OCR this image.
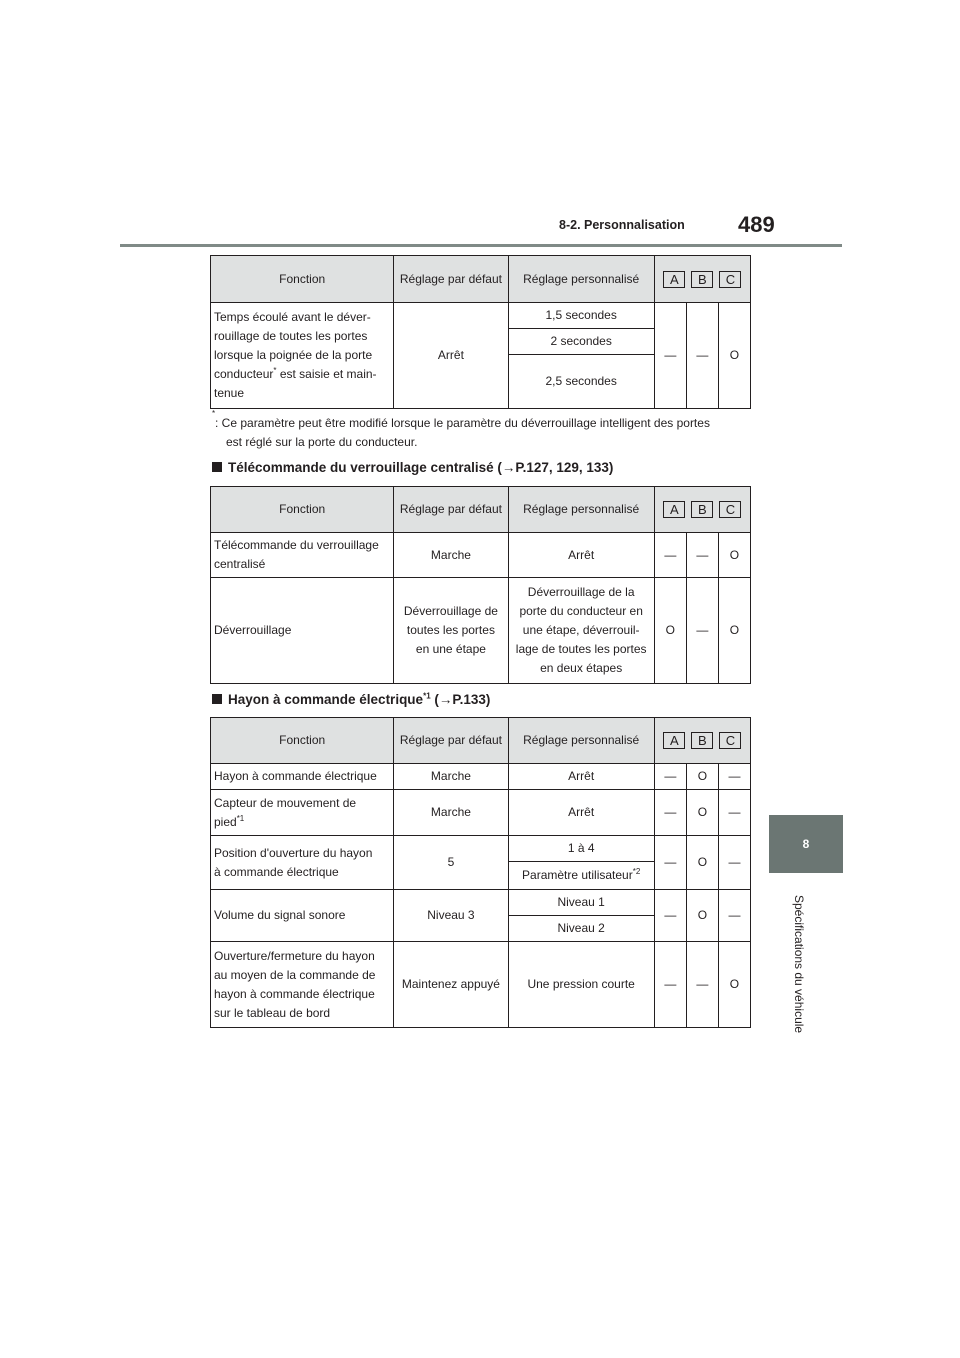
8-2. Personnalisation 489
8
Spécifications du véhicule
Fonction	Réglage par défaut	Réglage personnalisé	A B C		

Temps écoulé avant le déver-
rouillage de toutes les portes
lorsque la poignée de la porte
conducteur* est saisie et main-
tenue	Arrêt	1,5 secondes	—	—	O
		2 secondes			
		2,5 secondes			
*
: Ce paramètre peut être modifié lorsque le paramètre du déverrouillage intelligent des portes
est réglé sur la porte du conducteur.
Télécommande du verrouillage centralisé (→P.127, 129, 133)
Fonction	Réglage par défaut	Réglage personnalisé	A B C		

Télécommande du verrouillage
centralisé	Marche	Arrêt	—	—	O
Déverrouillage	Déverrouillage de
toutes les portes
en une étape	Déverrouillage de la
porte du conducteur en
une étape, déverrouil-
lage de toutes les portes
en deux étapes	O	—	O
Hayon à commande électrique$^{*1}$ (→P.133)
Fonction	Réglage par défaut	Réglage personnalisé	A B C		

Hayon à commande électrique	Marche	Arrêt	—	O	—

Capteur de mouvement de
pied$^{*1}$	Marche	Arrêt	—	O	—

Position d'ouverture du hayon
à commande électrique	5	1 à 4	—	O	—
		Paramètre utilisateur$^{*2}$
Volume du signal sonore	Niveau 3	Niveau 1	—	O	—
		Niveau 2			

Ouverture/fermeture du hayon
au moyen de la commande de
hayon à commande électrique
sur le tableau de bord	Maintenez appuyé	Une pression courte	—	—	O
